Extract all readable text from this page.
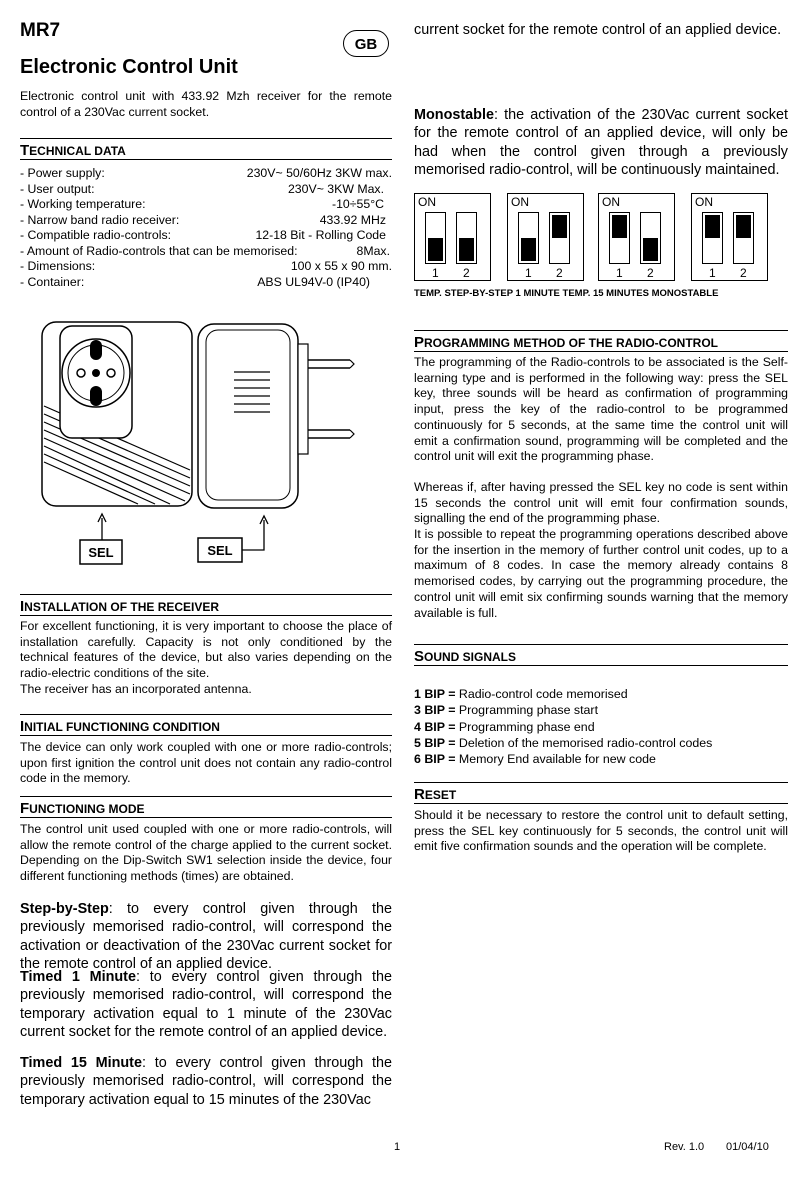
MR7
GB
Electronic Control Unit

Electronic control unit with 433.92 Mzh receiver for the remote control of a 230Vac current socket.

TECHNICAL DATA
- Power supply:	230V~ 50/60Hz 3KW max.
- User output:	230V~ 3KW Max.
- Working temperature:	-10÷55°C
- Narrow band radio receiver:	433.92 MHz
- Compatible radio-controls:	12-18 Bit - Rolling Code
- Amount of Radio-controls that can be memorised:	8Max.
- Dimensions:	100 x 55 x 90 mm.
- Container:	ABS UL94V-0 (IP40)
SEL	SEL
INSTALLATION OF THE RECEIVER

For excellent functioning, it is very important to choose the place of installation carefully. Capacity is not only conditioned by the technical features of the device, but also varies depending on the radio-electric conditions of the site.

The receiver has an incorporated antenna.

INITIAL FUNCTIONING CONDITION

The device can only work coupled with one or more radio-controls; upon first ignition the control unit does not contain any radio-control code in the memory.

FUNCTIONING MODE

The control unit used coupled with one or more radio-controls, will allow the remote control of the charge applied to the current socket. Depending on the Dip-Switch SW1 selection inside the device, four different functioning methods (times) are obtained.

Step-by-Step: to every control given through the previously memorised radio-control, will correspond the activation or deactivation of the 230Vac current socket for the remote control of an applied device.

Timed 1 Minute: to every control given through the previously memorised radio-control, will correspond the temporary activation equal to 1 minute of the 230Vac current socket for the remote control of an applied device.

Timed 15 Minute: to every control given through the previously memorised radio-control, will correspond the temporary activation equal to 15 minutes of the 230Vac

current socket for the remote control of an applied device.

Monostable: the activation of the 230Vac current socket for the remote control of an applied device, will only be had when the control given through a previously memorised radio-control, will be continuously maintained.

ON
1 2
ON
1 2
ON
1 2
ON
1 2
TEMP. STEP-BY-STEP 1 MINUTE TEMP. 15 MINUTES MONOSTABLE
PROGRAMMING METHOD OF THE RADIO-CONTROL

The programming of the Radio-controls to be associated is the Self-learning type and is performed in the following way: press the SEL key, three sounds will be heard as confirmation of programming input, press the key of the radio-control to be programmed continuously for 5 seconds, at the same time the control unit will emit a confirmation sound, programming will be completed and the control unit will exit the programming phase.

Whereas if, after having pressed the SEL key no code is sent within 15 seconds the control unit will emit four confirmation sounds, signalling the end of the programming phase.

It is possible to repeat the programming operations described above for the insertion in the memory of further control unit codes, up to a maximum of 8 codes. In case the memory already contains 8 memorised codes, by carrying out the programming procedure, the control unit will emit six confirming sounds warning that the memory available is full.

SOUND SIGNALS

1 BIP = Radio-control code memorised

3 BIP = Programming phase start

4 BIP = Programming phase end

5 BIP = Deletion of the memorised radio-control codes

6 BIP = Memory End available for new code

RESET

Should it be necessary to restore the control unit to default setting, press the SEL key continuously for 5 seconds, the control unit will emit five confirmation sounds and the operation will be complete.

1	Rev. 1.0 01/04/10
